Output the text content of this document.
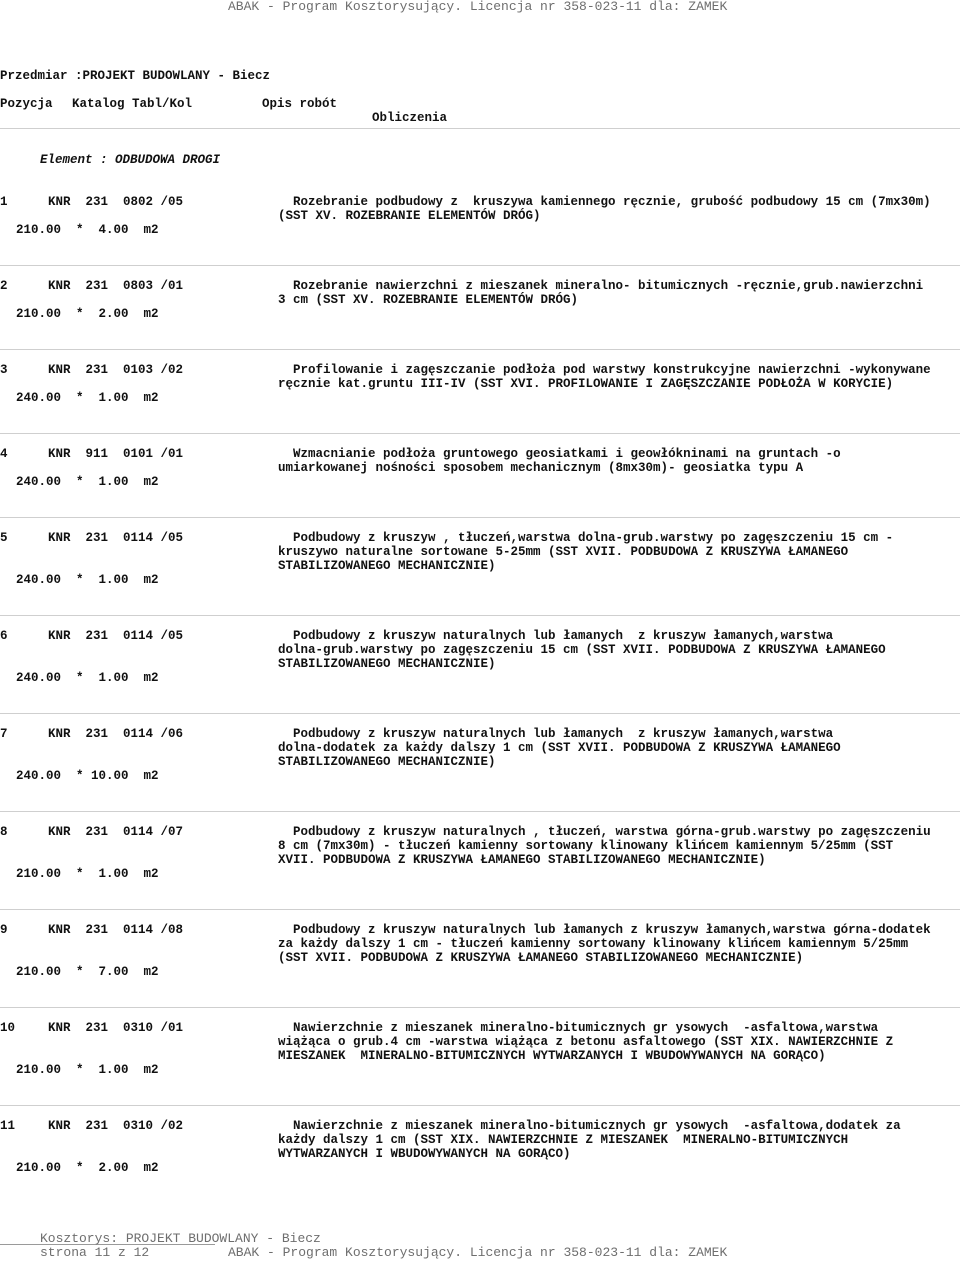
ABAK - Program Kosztorysujący. Licencja nr 358-023-11 dla: ZAMEK
Przedmiar :PROJEKT BUDOWLANY - Biecz
Pozycja Katalog Tabl/Kol	Opis robót
Obliczenia
Element : ODBUDOWA DROGI
1	KNR  231  0802 /05	Rozebranie podbudowy z  kruszywa kamiennego ręcznie, grubość podbudowy 15 cm (7mx30m)
(SST XV. ROZEBRANIE ELEMENTÓW DRÓG)
210.00  *  4.00  m2
2	KNR  231  0803 /01	Rozebranie nawierzchni z mieszanek mineralno- bitumicznych -ręcznie,grub.nawierzchni
3 cm (SST XV. ROZEBRANIE ELEMENTÓW DRÓG)
210.00  *  2.00  m2
3	KNR  231  0103 /02	Profilowanie i zagęszczanie podłoża pod warstwy konstrukcyjne nawierzchni -wykonywane
ręcznie kat.gruntu III-IV (SST XVI. PROFILOWANIE I ZAGĘSZCZANIE PODŁOŻA W KORYCIE)
240.00  *  1.00  m2
4	KNR  911  0101 /01	Wzmacnianie podłoża gruntowego geosiatkami i geowłókninami na gruntach -o
umiarkowanej nośności sposobem mechanicznym (8mx30m)- geosiatka typu A
240.00  *  1.00  m2
5	KNR  231  0114 /05	Podbudowy z kruszyw , tłuczeń,warstwa dolna-grub.warstwy po zagęszczeniu 15 cm -
kruszywo naturalne sortowane 5-25mm (SST XVII. PODBUDOWA Z KRUSZYWA ŁAMANEGO
STABILIZOWANEGO MECHANICZNIE)
240.00  *  1.00  m2
6	KNR  231  0114 /05	Podbudowy z kruszyw naturalnych lub łamanych  z kruszyw łamanych,warstwa
dolna-grub.warstwy po zagęszczeniu 15 cm (SST XVII. PODBUDOWA Z KRUSZYWA ŁAMANEGO
STABILIZOWANEGO MECHANICZNIE)
240.00  *  1.00  m2
7	KNR  231  0114 /06	Podbudowy z kruszyw naturalnych lub łamanych  z kruszyw łamanych,warstwa
dolna-dodatek za każdy dalszy 1 cm (SST XVII. PODBUDOWA Z KRUSZYWA ŁAMANEGO
STABILIZOWANEGO MECHANICZNIE)
240.00  * 10.00  m2
8	KNR  231  0114 /07	Podbudowy z kruszyw naturalnych , tłuczeń, warstwa górna-grub.warstwy po zagęszczeniu
8 cm (7mx30m) - tłuczeń kamienny sortowany klinowany klińcem kamiennym 5/25mm (SST
XVII. PODBUDOWA Z KRUSZYWA ŁAMANEGO STABILIZOWANEGO MECHANICZNIE)
210.00  *  1.00  m2
9	KNR  231  0114 /08	Podbudowy z kruszyw naturalnych lub łamanych z kruszyw łamanych,warstwa górna-dodatek
za każdy dalszy 1 cm - tłuczeń kamienny sortowany klinowany klińcem kamiennym 5/25mm
(SST XVII. PODBUDOWA Z KRUSZYWA ŁAMANEGO STABILIZOWANEGO MECHANICZNIE)
210.00  *  7.00  m2
10	KNR  231  0310 /01	Nawierzchnie z mieszanek mineralno-bitumicznych gr ysowych  -asfaltowa,warstwa
wiążąca o grub.4 cm -warstwa wiążąca z betonu asfaltowego (SST XIX. NAWIERZCHNIE Z
MIESZANEK  MINERALNO-BITUMICZNYCH WYTWARZANYCH I WBUDOWYWANYCH NA GORĄCO)
210.00  *  1.00  m2
11	KNR  231  0310 /02	Nawierzchnie z mieszanek mineralno-bitumicznych gr ysowych  -asfaltowa,dodatek za
każdy dalszy 1 cm (SST XIX. NAWIERZCHNIE Z MIESZANEK  MINERALNO-BITUMICZNYCH
WYTWARZANYCH I WBUDOWYWANYCH NA GORĄCO)
210.00  *  2.00  m2
Kosztorys: PROJEKT BUDOWLANY - Biecz
strona 11 z 12	ABAK - Program Kosztorysujący. Licencja nr 358-023-11 dla: ZAMEK
